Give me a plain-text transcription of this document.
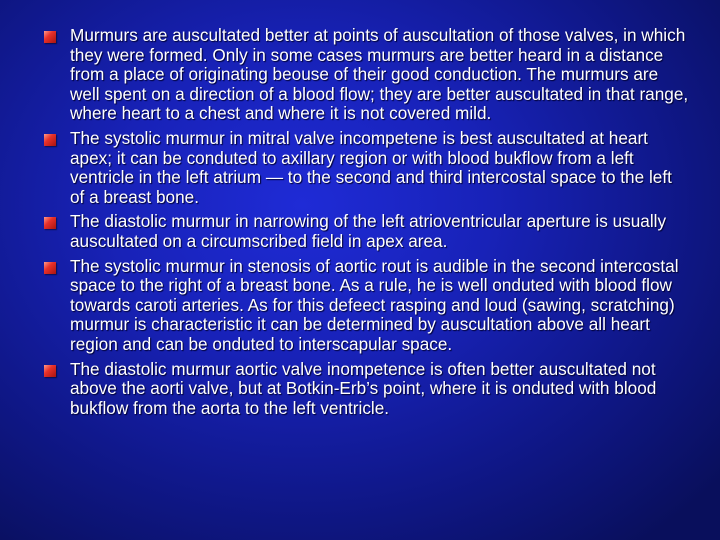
Murmurs are auscultated better at points of auscultation of those valves, in which they were formed. Only in some cases murmurs are better heard in a distance from a place of originating beouse of their good conduction. The murmurs are well spent on a direction of a blood flow; they are better auscultated in that range, where heart to a chest and where it is not covered mild.
The systolic murmur in mitral valve incompetene is best auscultated at heart apex; it can be conduted to axillary region or with blood bukflow from a left ventricle in the left atrium — to the second and third intercostal space to the left of a breast bone.
The diastolic murmur in narrowing of the left atrioventricular aperture is usually auscultated on a circumscribed field in apex area.
The systolic murmur in stenosis of aortic rout is audible in the second intercostal space to the right of a breast bone. As a rule, he is well onduted with blood flow towards caroti arteries. As for this defeect rasping and loud (sawing, scratching) murmur is characteristic it can be determined by auscultation above all heart region and can be onduted to interscapular space.
The diastolic murmur aortic valve inompetence is often better auscultated not above the aorti valve, but at Botkin-Erb’s point, where it is onduted with blood bukflow from the aorta to the left ventricle.
